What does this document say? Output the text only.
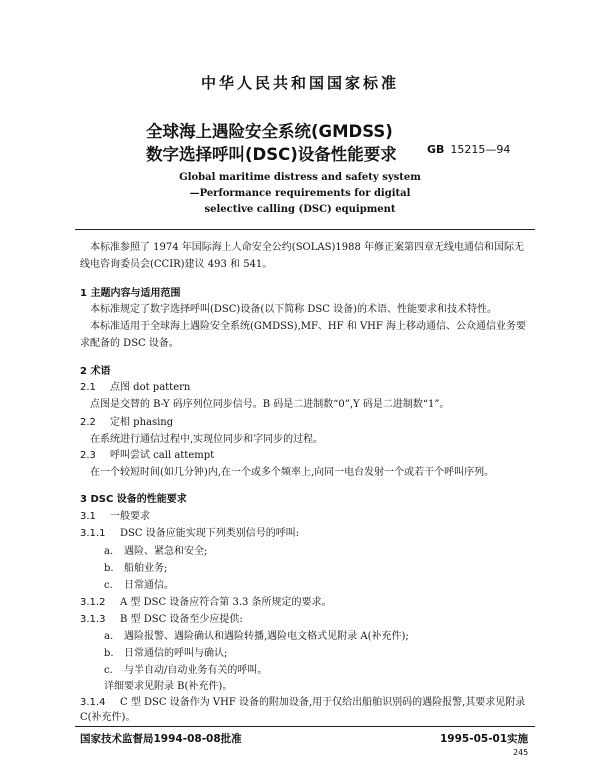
中华人民共和国国家标准
全球海上遇险安全系统(GMDSS)
数字选择呼叫(DSC)设备性能要求	GB 15215—94
Global maritime distress and safety system
—Performance requirements for digital
selective calling (DSC) equipment
本标准参照了 1974 年国际海上人命安全公约(SOLAS)1988 年修正案第四章无线电通信和国际无
线电咨询委员会(CCIR)建议 493 和 541。
1 主题内容与适用范围
本标准规定了数字选择呼叫(DSC)设备(以下简称 DSC 设备)的术语、性能要求和技术特性。
本标准适用于全球海上遇险安全系统(GMDSS),MF、HF 和 VHF 海上移动通信、公众通信业务要
求配备的 DSC 设备。
2 术语
2.1 点图 dot pattern
点图是交替的 B-Y 码序列位同步信号。B 码是二进制数“0”,Y 码是二进制数“1”。
2.2 定相 phasing
在系统进行通信过程中,实现位同步和字同步的过程。
2.3 呼叫尝试 call attempt
在一个较短时间(如几分钟)内,在一个或多个频率上,向同一电台发射一个或若干个呼叫序列。
3 DSC 设备的性能要求
3.1 一般要求
3.1.1 DSC 设备应能实现下列类别信号的呼叫:
a. 遇险、紧急和安全;
b. 船舶业务;
c. 日常通信。
3.1.2 A 型 DSC 设备应符合第 3.3 条所规定的要求。
3.1.3 B 型 DSC 设备至少应提供:
a. 遇险报警、遇险确认和遇险转播,遇险电文格式见附录 A(补充件);
b. 日常通信的呼叫与确认;
c. 与半自动/自动业务有关的呼叫。
详细要求见附录 B(补充件)。
3.1.4 C 型 DSC 设备作为 VHF 设备的附加设备,用于仅给出船舶识别码的遇险报警,其要求见附录
国家技术监督局1994-08-08批准	1995-05-01实施
245
C(补充件)。
